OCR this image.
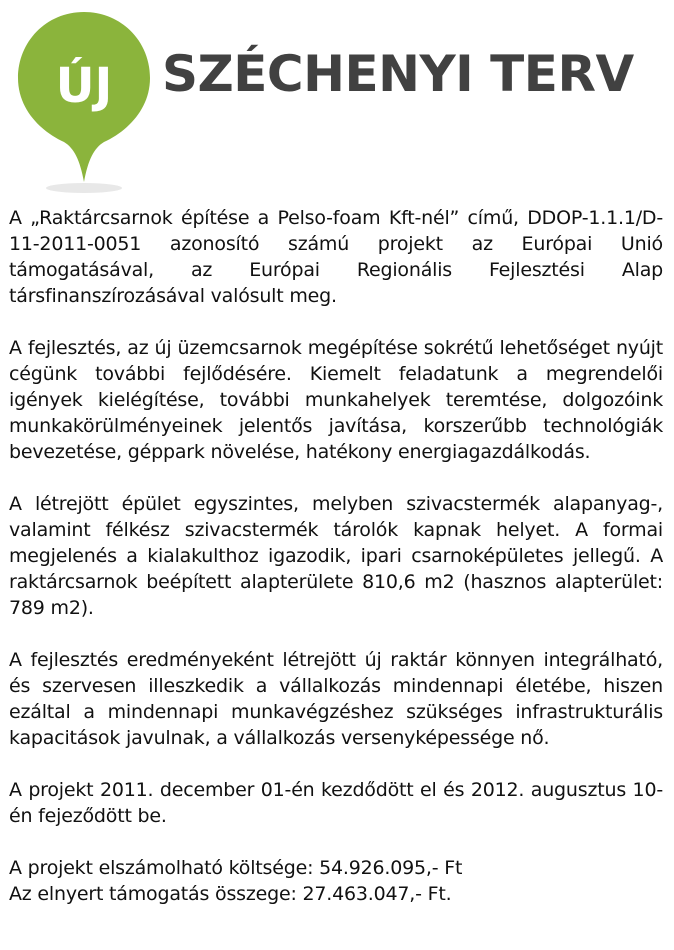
ÚJ SZÉCHENYI TERV

A „Raktárcsarnok építése a Pelso-foam Kft-nél” című, DDOP-1.1.1/D-11-2011-0051 azonosító számú projekt az Európai Unió támogatásával, az Európai Regionális Fejlesztési Alap társfinanszírozásával valósult meg.

A fejlesztés, az új üzemcsarnok megépítése sokrétű lehetőséget nyújt cégünk további fejlődésére. Kiemelt feladatunk a megrendelői igények kielégítése, további munkahelyek teremtése, dolgozóink munkakörülményeinek jelentős javítása, korszerűbb technológiák bevezetése, géppark növelése, hatékony energiagazdálkodás.

A létrejött épület egyszintes, melyben szivacstermék alapanyag-, valamint félkész szivacstermék tárolók kapnak helyet. A formai megjelenés a kialakulthoz igazodik, ipari csarnoképületes jellegű. A raktárcsarnok beépített alapterülete 810,6 m2 (hasznos alapterület: 789 m2).

A fejlesztés eredményeként létrejött új raktár könnyen integrálható, és szervesen illeszkedik a vállalkozás mindennapi életébe, hiszen ezáltal a mindennapi munkavégzéshez szükséges infrastrukturális kapacitások javulnak, a vállalkozás versenyképessége nő.

A projekt 2011. december 01-én kezdődött el és 2012. augusztus 10-én fejeződött be.

A projekt elszámolható költsége: 54.926.095,- Ft

Az elnyert támogatás összege: 27.463.047,- Ft.
